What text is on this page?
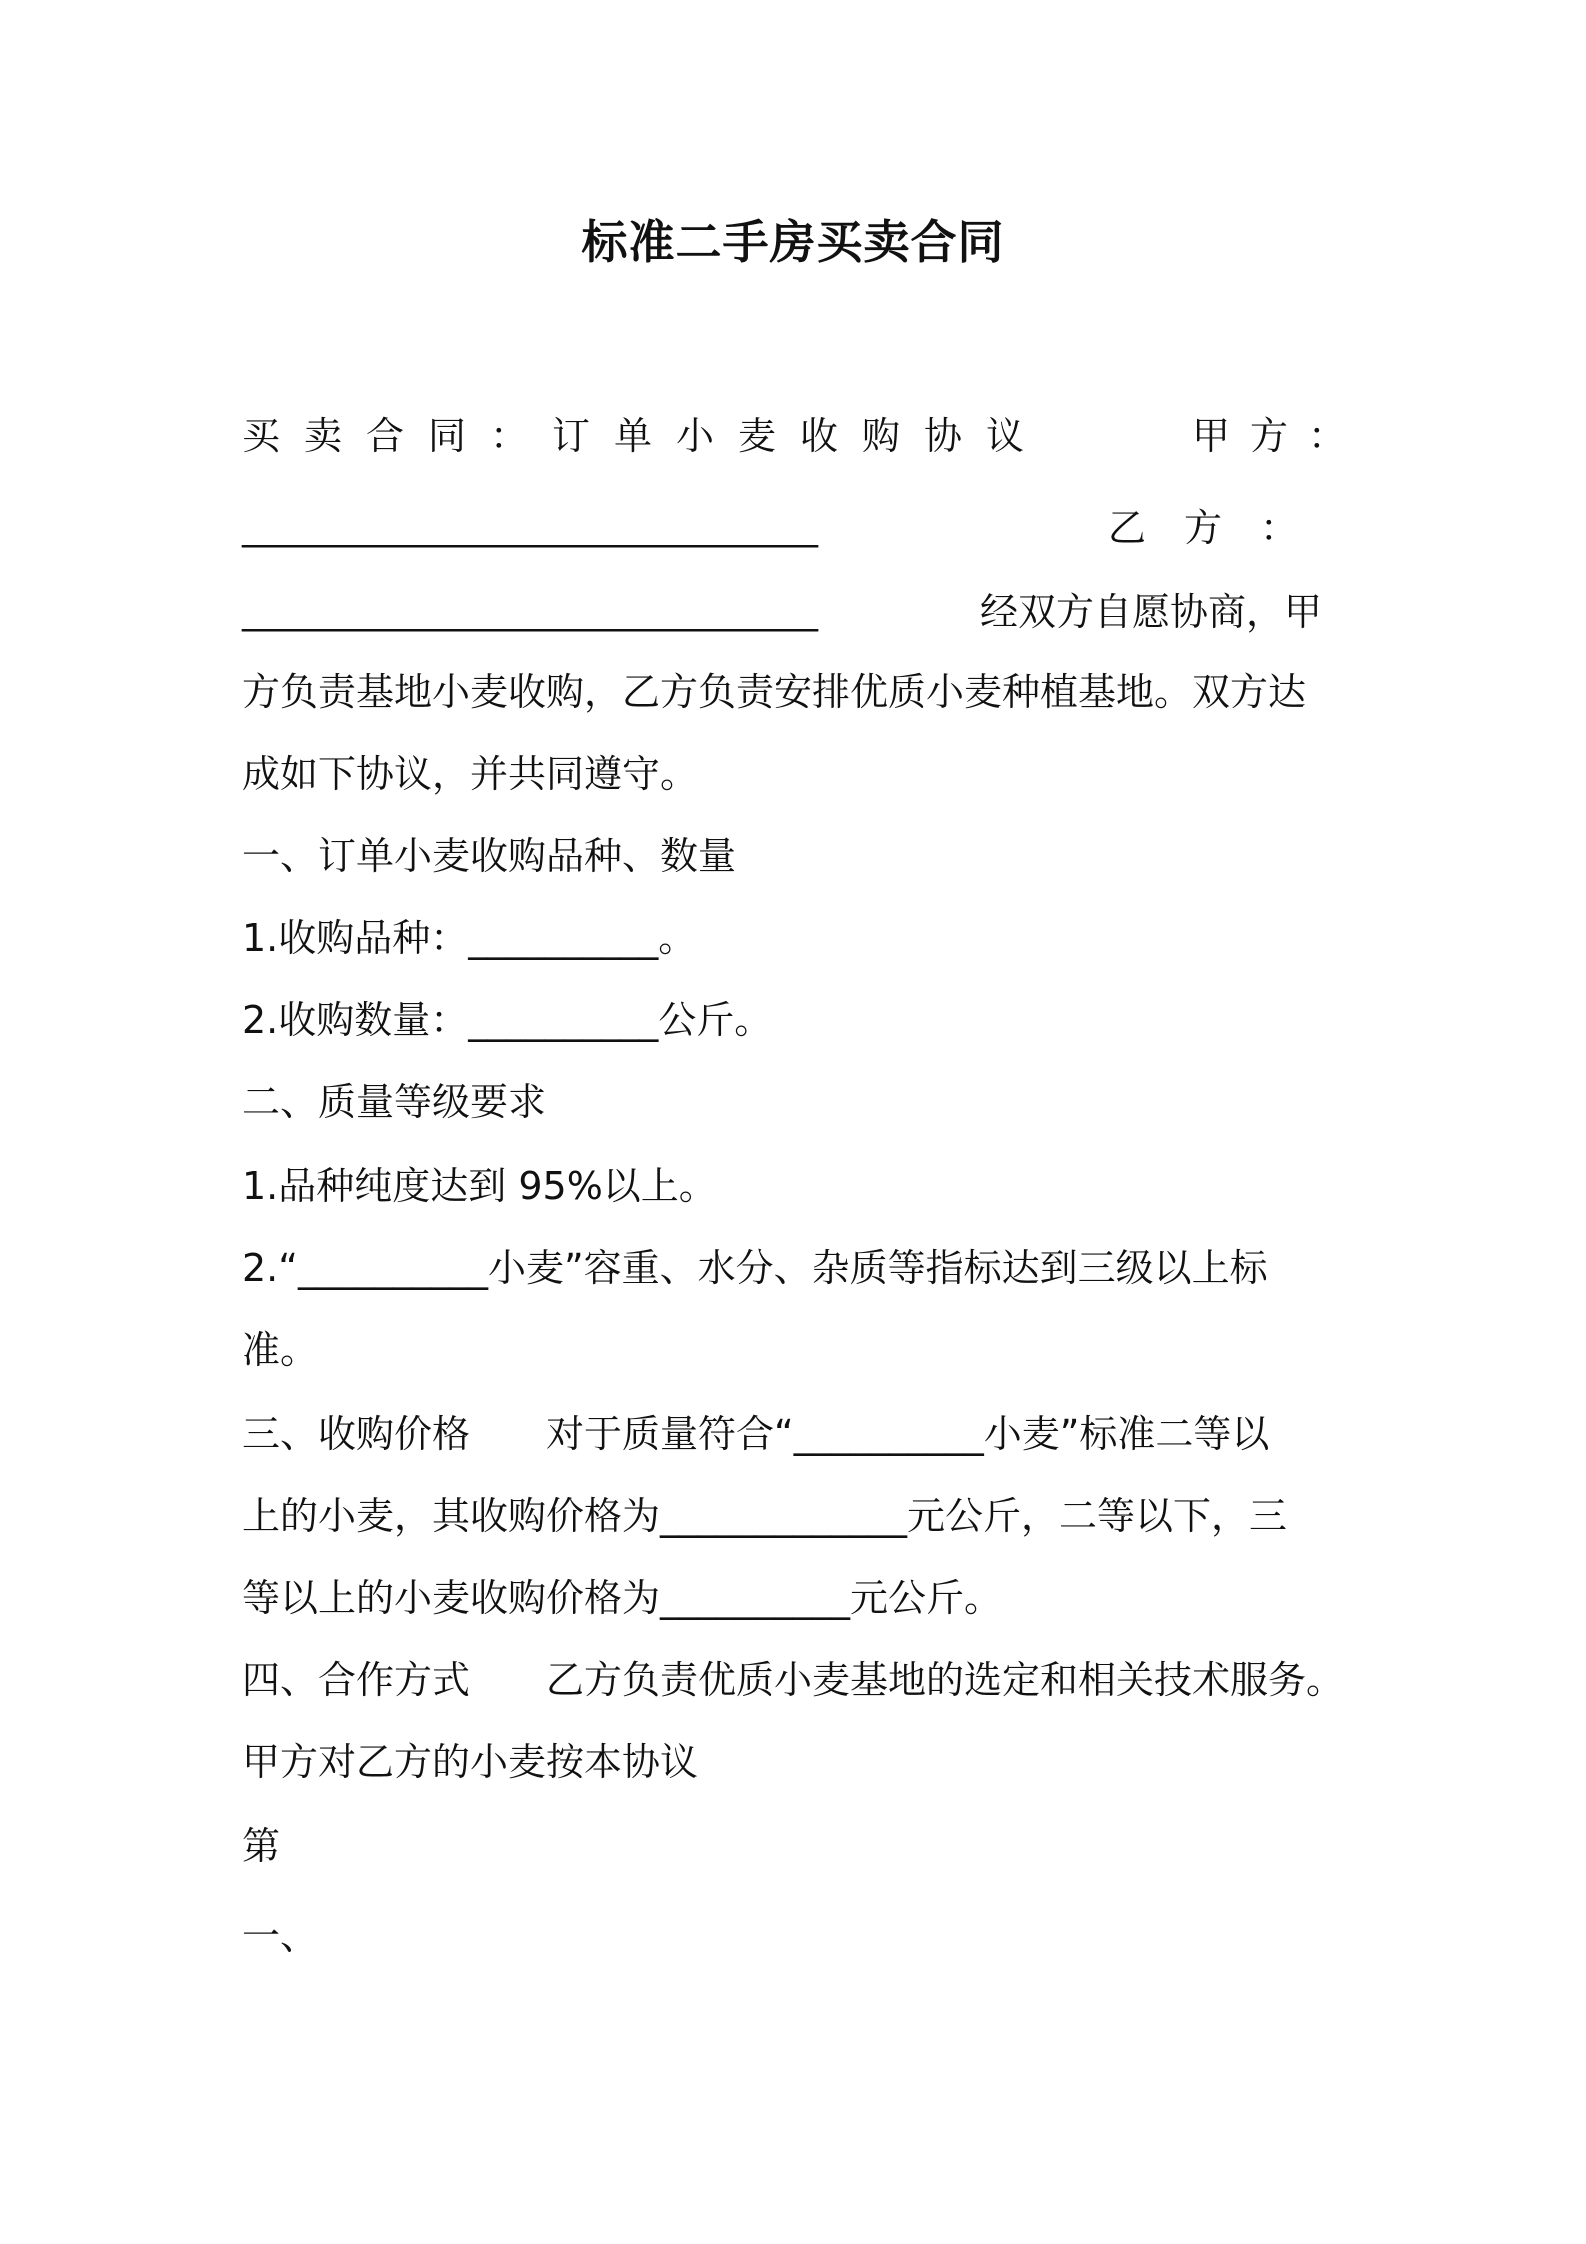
标准二手房买卖合同
买卖合同：订单小麦收购协议	甲方：
________________________________	乙　方　：
________________________________	经双方自愿协商，甲
方负责基地小麦收购，乙方负责安排优质小麦种植基地。双方达
成如下协议，并共同遵守。
一、订单小麦收购品种、数量
1.收购品种：__________。
2.收购数量：__________公斤。
二、质量等级要求
1.品种纯度达到 95%以上。
2.“__________小麦”容重、水分、杂质等指标达到三级以上标
准。
三、收购价格　　对于质量符合“__________小麦”标准二等以
上的小麦，其收购价格为_____________元公斤，二等以下，三
等以上的小麦收购价格为__________元公斤。
四、合作方式　　乙方负责优质小麦基地的选定和相关技术服务。
甲方对乙方的小麦按本协议
第
一、
